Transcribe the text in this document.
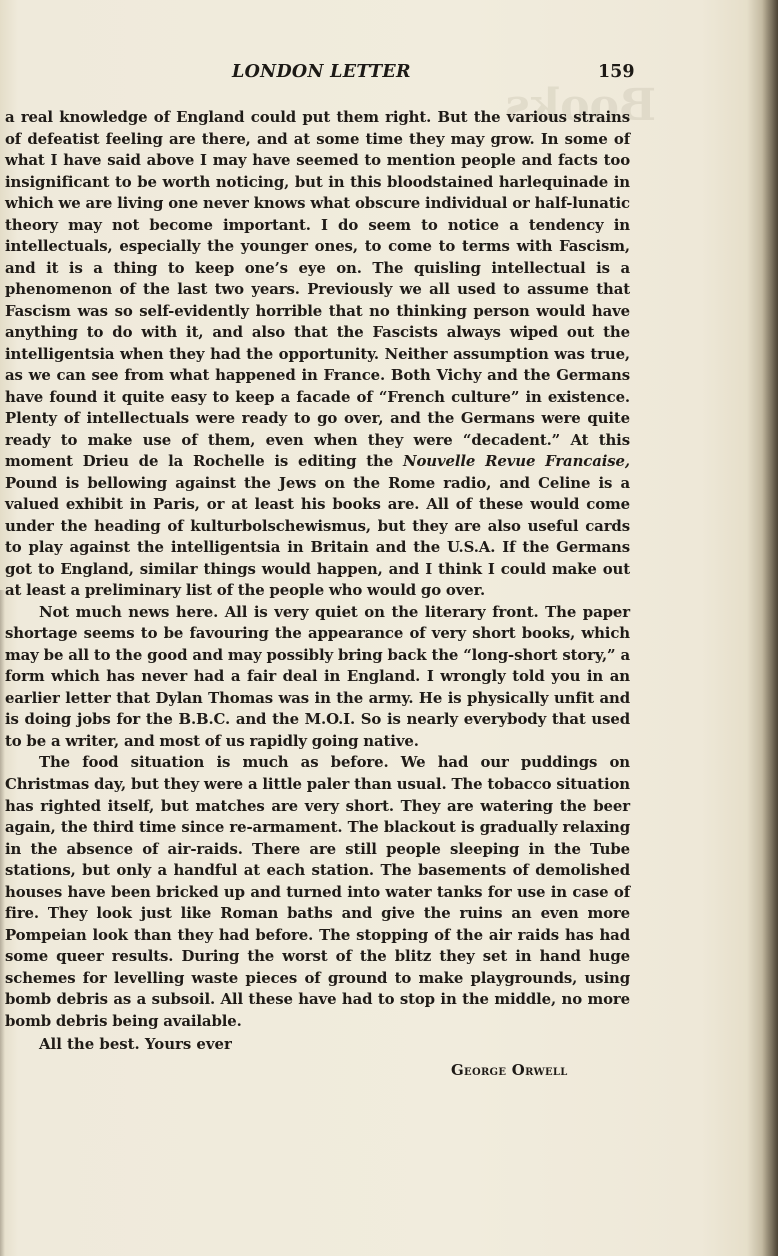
Books
LONDON LETTER	159

a real knowledge of England could put them right. But the various strains of defeatist feeling are there, and at some time they may grow. In some of what I have said above I may have seemed to mention people and facts too insignificant to be worth noticing, but in this bloodstained harlequinade in which we are living one never knows what obscure individual or half-lunatic theory may not become important. I do seem to notice a tendency in intellectuals, especially the younger ones, to come to terms with Fascism, and it is a thing to keep one’s eye on. The quisling intellectual is a phenomenon of the last two years. Previously we all used to assume that Fascism was so self-evidently horrible that no thinking person would have anything to do with it, and also that the Fascists always wiped out the intelligentsia when they had the opportunity. Neither assumption was true, as we can see from what happened in France. Both Vichy and the Germans have found it quite easy to keep a facade of “French culture” in existence. Plenty of intellectuals were ready to go over, and the Germans were quite ready to make use of them, even when they were “decadent.” At this moment Drieu de la Rochelle is editing the Nouvelle Revue Francaise, Pound is bellowing against the Jews on the Rome radio, and Celine is a valued exhibit in Paris, or at least his books are. All of these would come under the heading of kulturbolschewismus, but they are also useful cards to play against the intelligentsia in Britain and the U.S.A. If the Germans got to England, similar things would happen, and I think I could make out at least a preliminary list of the people who would go over.

Not much news here. All is very quiet on the literary front. The paper shortage seems to be favouring the appearance of very short books, which may be all to the good and may possibly bring back the “long-short story,” a form which has never had a fair deal in England. I wrongly told you in an earlier letter that Dylan Thomas was in the army. He is physically unfit and is doing jobs for the B.B.C. and the M.O.I. So is nearly everybody that used to be a writer, and most of us rapidly going native.

The food situation is much as before. We had our puddings on Christmas day, but they were a little paler than usual. The tobacco situation has righted itself, but matches are very short. They are watering the beer again, the third time since re-armament. The blackout is gradually relaxing in the absence of air-raids. There are still people sleeping in the Tube stations, but only a handful at each station. The basements of demolished houses have been bricked up and turned into water tanks for use in case of fire. They look just like Roman baths and give the ruins an even more Pompeian look than they had before. The stopping of the air raids has had some queer results. During the worst of the blitz they set in hand huge schemes for levelling waste pieces of ground to make playgrounds, using bomb debris as a subsoil. All these have had to stop in the middle, no more bomb debris being available.

All the best. Yours ever
George Orwell
